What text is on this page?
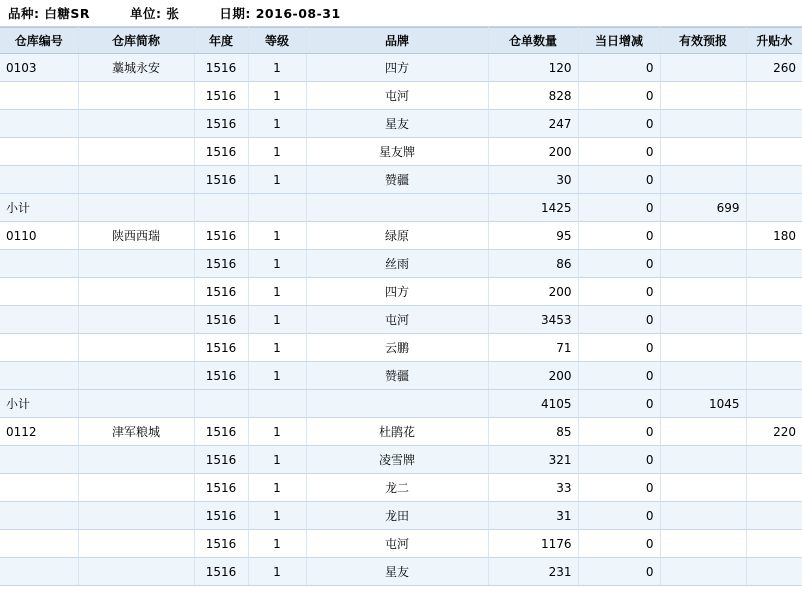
品种: 白糖SR	单位: 张	日期: 2016-08-31
仓库编号	仓库简称	年度	等级	品牌	仓单数量	当日增减	有效预报	升贴水
0103	藁城永安	1516	1	四方	120	0		260
		1516	1	屯河	828	0		
		1516	1	星友	247	0		
		1516	1	星友牌	200	0		
		1516	1	赞疆	30	0		
小计					1425	0	699	
0110	陕西西瑞	1516	1	绿原	95	0		180
		1516	1	丝雨	86	0		
		1516	1	四方	200	0		
		1516	1	屯河	3453	0		
		1516	1	云鹏	71	0		
		1516	1	赞疆	200	0		
小计					4105	0	1045	
0112	津军粮城	1516	1	杜鹃花	85	0		220
		1516	1	凌雪牌	321	0		
		1516	1	龙二	33	0		
		1516	1	龙田	31	0		
		1516	1	屯河	1176	0		
		1516	1	星友	231	0		
